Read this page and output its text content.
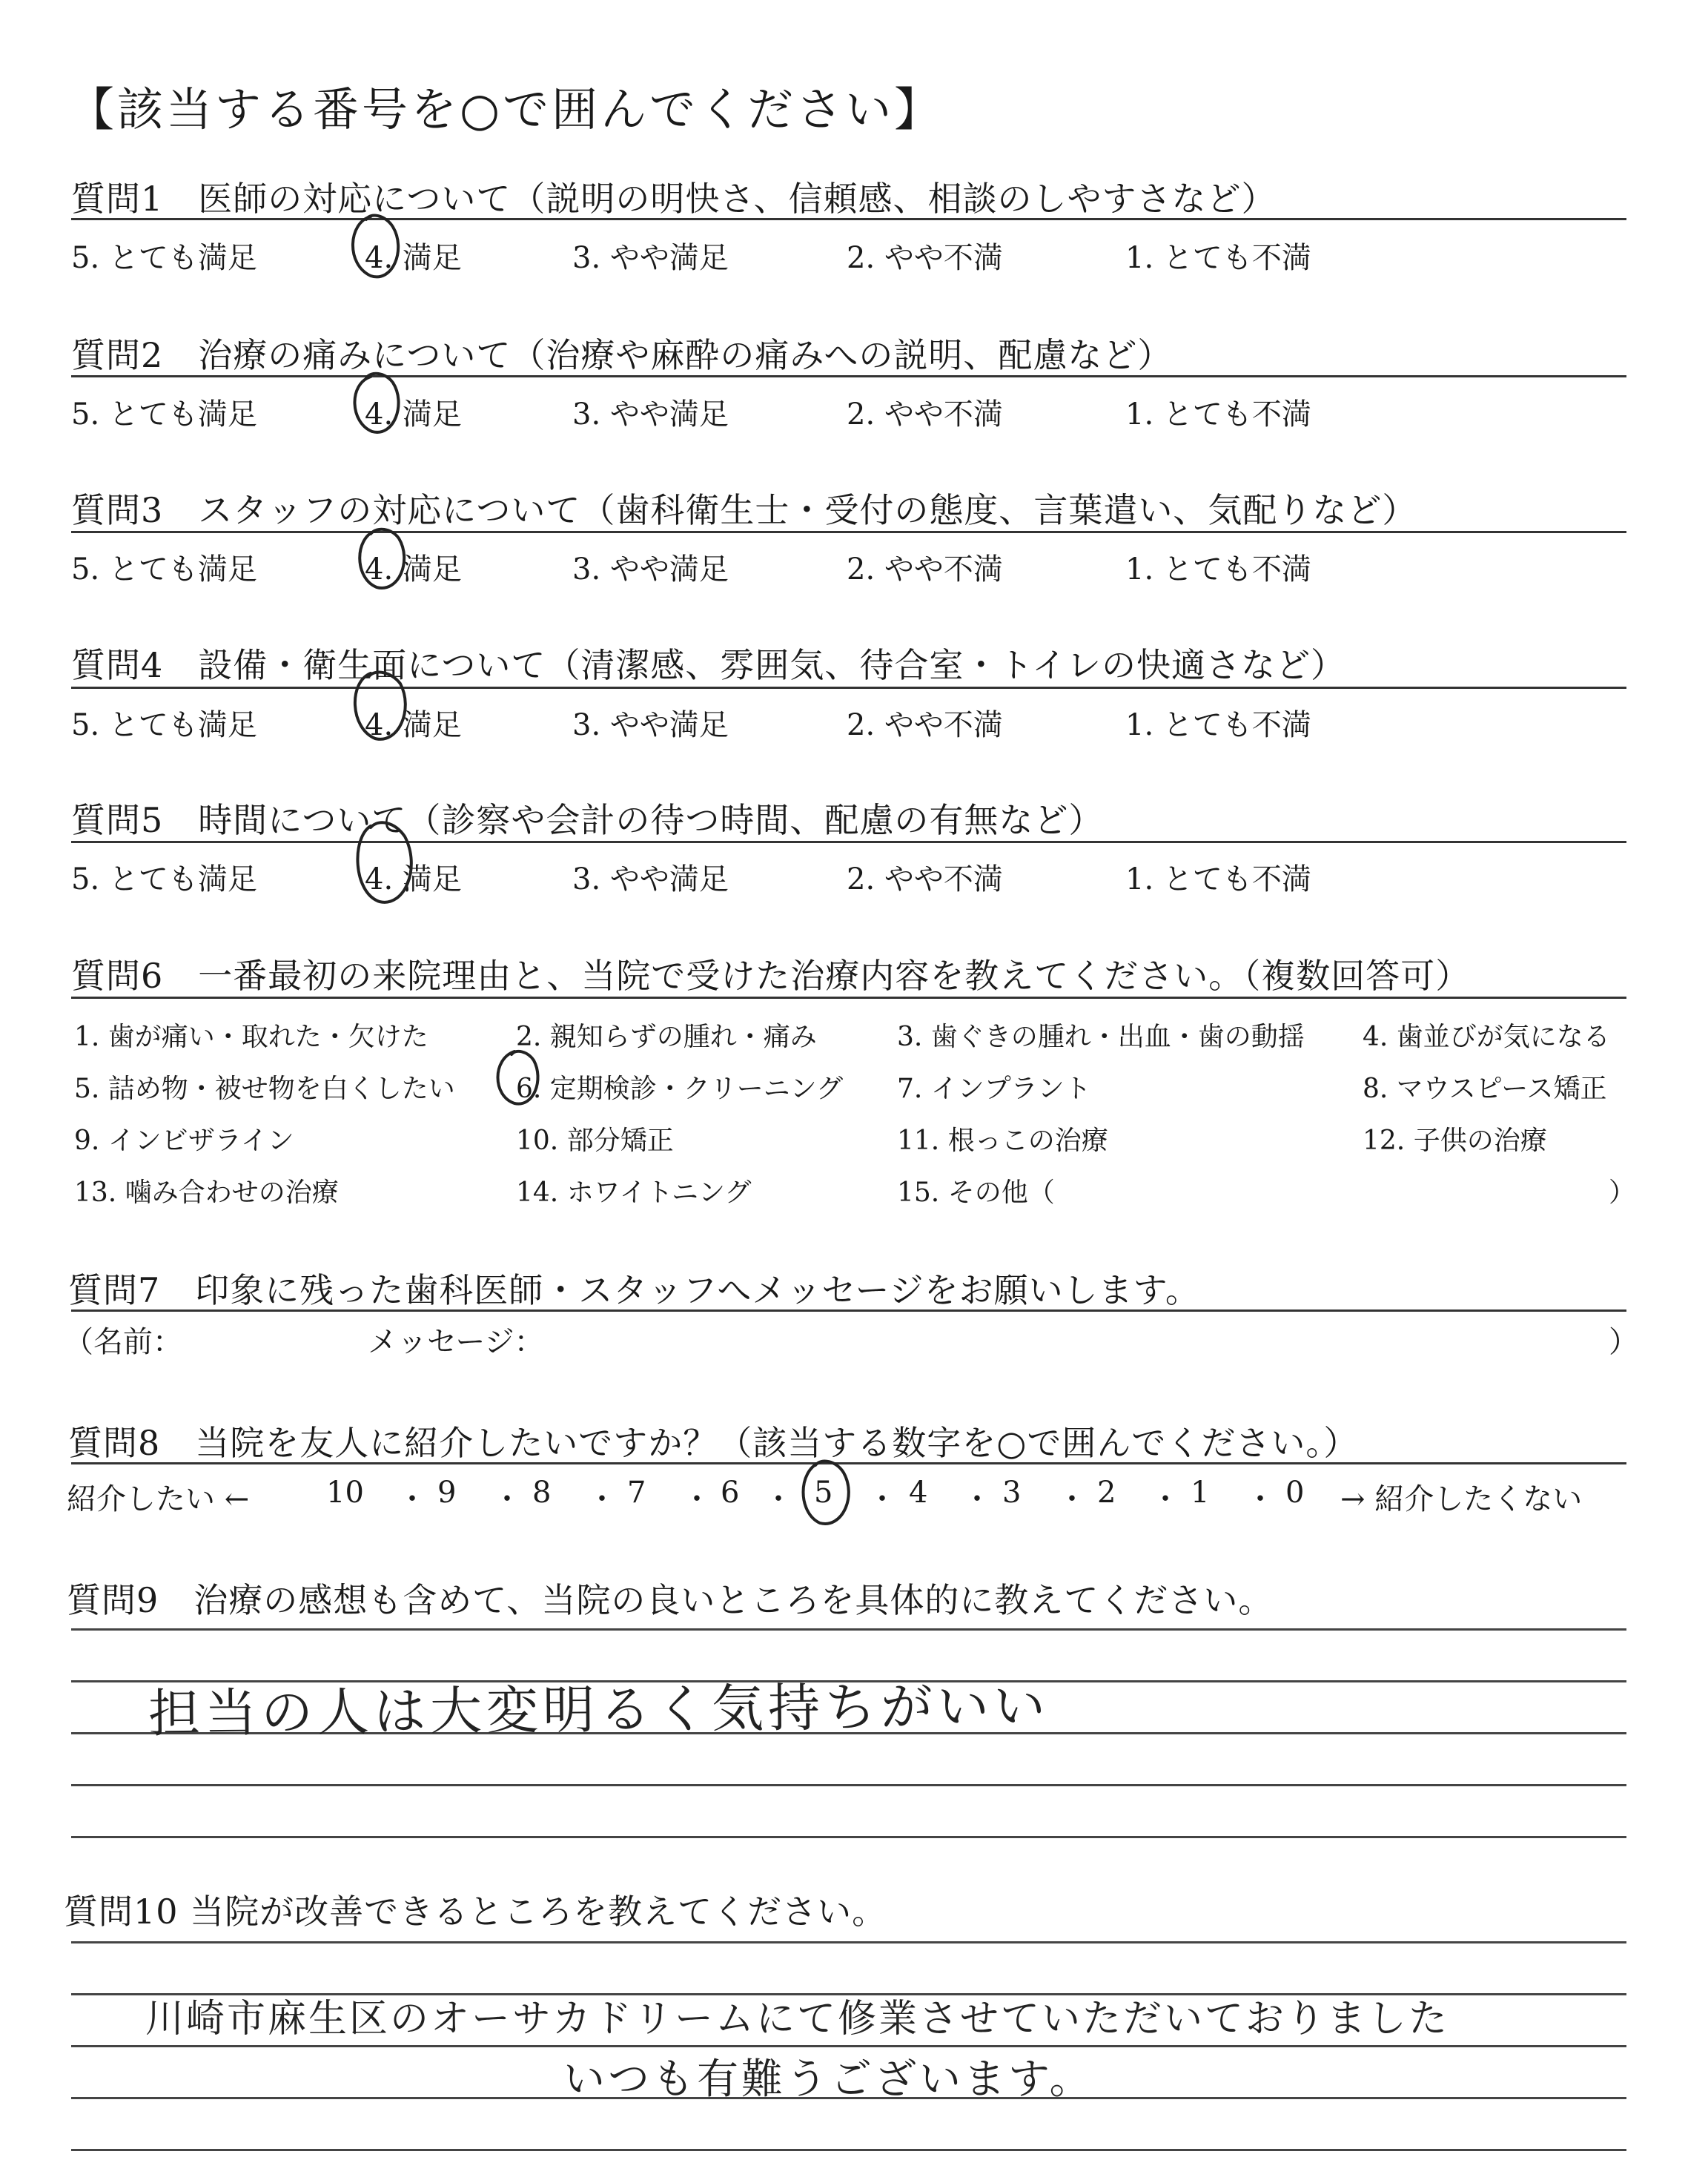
【該当する番号を○で囲んでください】
質問1　医師の対応について（説明の明快さ、信頼感、相談のしやすさなど）
5. とても満足	4. 満足	3. やや満足	2. やや不満	1. とても不満
質問2　治療の痛みについて（治療や麻酔の痛みへの説明、配慮など）
5. とても満足	4. 満足	3. やや満足	2. やや不満	1. とても不満
質問3　スタッフの対応について（歯科衛生士・受付の態度、言葉遣い、気配りなど）
5. とても満足	4. 満足	3. やや満足	2. やや不満	1. とても不満
質問4　設備・衛生面について（清潔感、雰囲気、待合室・トイレの快適さなど）
5. とても満足	4. 満足	3. やや満足	2. やや不満	1. とても不満
質問5　時間について（診察や会計の待つ時間、配慮の有無など）
5. とても満足	4. 満足	3. やや満足	2. やや不満	1. とても不満
質問6　一番最初の来院理由と、当院で受けた治療内容を教えてください。（複数回答可）
1. 歯が痛い・取れた・欠けた	2. 親知らずの腫れ・痛み	3. 歯ぐきの腫れ・出血・歯の動揺 4. 歯並びが気になる
5. 詰め物・被せ物を白くしたい 6. 定期検診・クリーニング 7. インプラント	8. マウスピース矯正
9. インビザライン	10. 部分矯正	11. 根っこの治療	12. 子供の治療
13. 噛み合わせの治療	14. ホワイトニング	15. その他（	）
質問7　印象に残った歯科医師・スタッフへメッセージをお願いします。
（名前：	メッセージ：	）
質問8　当院を友人に紹介したいですか？（該当する数字を○で囲んでください。）
紹介したい ←	10 ・ 9 ・ 8 ・ 7 ・ 6 ・ 5 ・ 4 ・ 3 ・ 2 ・ 1 ・ 0 → 紹介したくない
質問9　治療の感想も含めて、当院の良いところを具体的に教えてください。
担当の人は大変明るく気持ちがいい
質問10 当院が改善できるところを教えてください。
川崎市麻生区のオーサカドリームにて修業させていただいておりました
いつも有難うございます。
